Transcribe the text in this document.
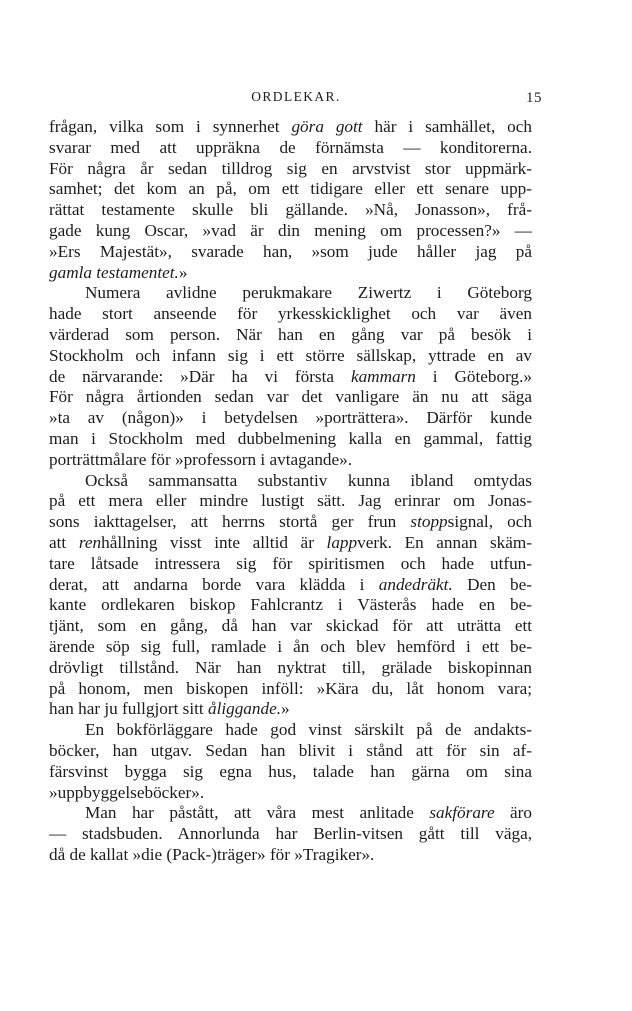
ORDLEKAR.	15
frågan, vilka som i synnerhet göra gott här i samhället, och
svarar med att uppräkna de förnämsta — konditorerna.
För några år sedan tilldrog sig en arvstvist stor uppmärk-
samhet; det kom an på, om ett tidigare eller ett senare upp-
rättat testamente skulle bli gällande. »Nå, Jonasson», frå-
gade kung Oscar, »vad är din mening om processen?» —
»Ers Majestät», svarade han, »som jude håller jag på
gamla testamentet.»
Numera avlidne perukmakare Ziwertz i Göteborg
hade stort anseende för yrkesskicklighet och var även
värderad som person. När han en gång var på besök i
Stockholm och infann sig i ett större sällskap, yttrade en av
de närvarande: »Där ha vi första kammarn i Göteborg.»
För några årtionden sedan var det vanligare än nu att säga
»ta av (någon)» i betydelsen »porträttera». Därför kunde
man i Stockholm med dubbelmening kalla en gammal, fattig
porträttmålare för »professorn i avtagande».
Också sammansatta substantiv kunna ibland omtydas
på ett mera eller mindre lustigt sätt. Jag erinrar om Jonas-
sons iakttagelser, att herrns stortå ger frun stoppsignal, och
att renhållning visst inte alltid är lappverk. En annan skäm-
tare låtsade intressera sig för spiritismen och hade utfun-
derat, att andarna borde vara klädda i andedräkt. Den be-
kante ordlekaren biskop Fahlcrantz i Västerås hade en be-
tjänt, som en gång, då han var skickad för att uträtta ett
ärende söp sig full, ramlade i ån och blev hemförd i ett be-
drövligt tillstånd. När han nyktrat till, grälade biskopinnan
på honom, men biskopen inföll: »Kära du, låt honom vara;
han har ju fullgjort sitt åliggande.»
En bokförläggare hade god vinst särskilt på de andakts-
böcker, han utgav. Sedan han blivit i stånd att för sin af-
färsvinst bygga sig egna hus, talade han gärna om sina
»uppbyggelseböcker».
Man har påstått, att våra mest anlitade sakförare äro
— stadsbuden. Annorlunda har Berlin-vitsen gått till väga,
då de kallat »die (Pack-)träger» för »Tragiker».
